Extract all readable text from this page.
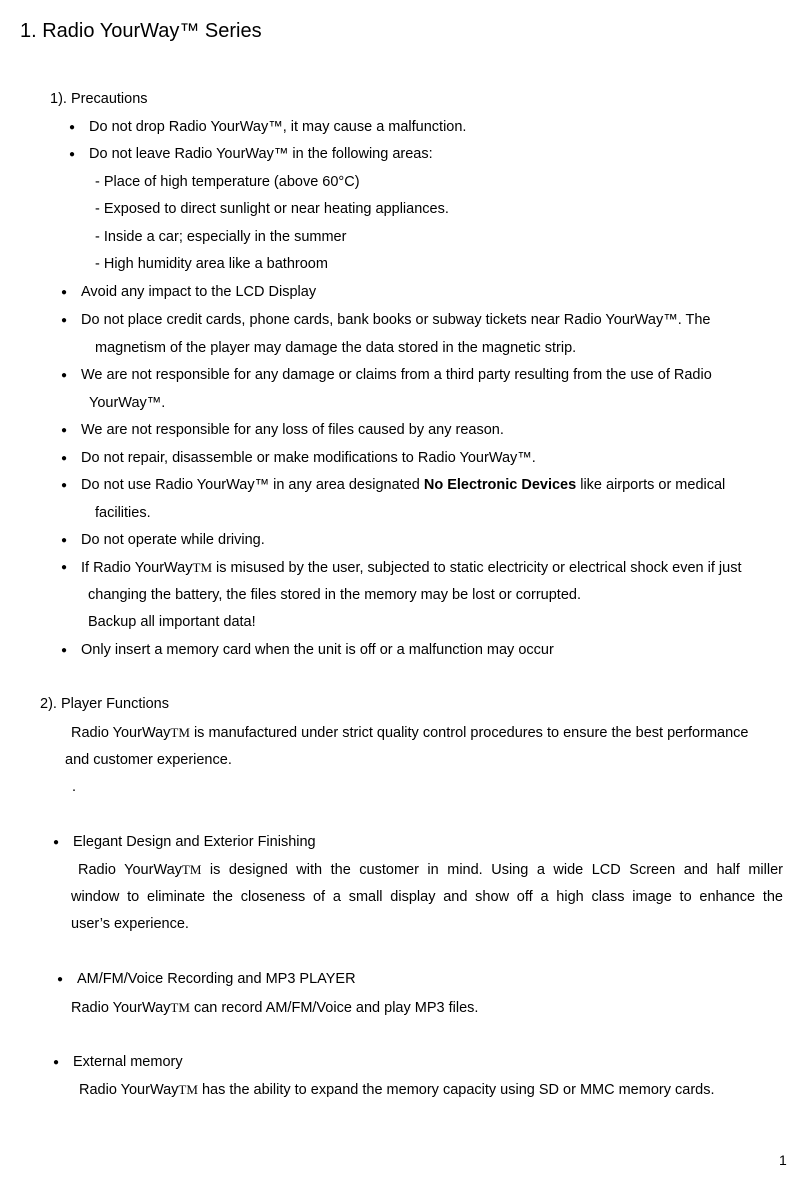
1. Radio YourWay™ Series
1). Precautions
● Do not drop Radio YourWay™, it may cause a malfunction.
● Do not leave Radio YourWay™ in the following areas:
- Place of high temperature (above 60°C)
- Exposed to direct sunlight or near heating appliances.
- Inside a car; especially in the summer
- High humidity area like a bathroom
● Avoid any impact to the LCD Display
● Do not place credit cards, phone cards, bank books or subway tickets near Radio YourWay™. The
magnetism of the player may damage the data stored in the magnetic strip.
● We are not responsible for any damage or claims from a third party resulting from the use of Radio
YourWay™.
● We are not responsible for any loss of files caused by any reason.
● Do not repair, disassemble or make modifications to Radio YourWay™.
● Do not use Radio YourWay™ in any area designated No Electronic Devices like airports or medical
facilities.
● Do not operate while driving.
● If Radio YourWayTM is misused by the user, subjected to static electricity or electrical shock even if just
changing the battery, the files stored in the memory may be lost or corrupted.
Backup all important data!
● Only insert a memory card when the unit is off or a malfunction may occur
2). Player Functions
Radio YourWayTM is manufactured under strict quality control procedures to ensure the best performance
and customer experience.
.
● Elegant Design and Exterior Finishing
Radio YourWayTM is designed with the customer in mind. Using a wide LCD Screen and half miller
window to eliminate the closeness of a small display and show off a high class image to enhance the
user’s experience.
● AM/FM/Voice Recording and MP3 PLAYER
Radio YourWayTM can record AM/FM/Voice and play MP3 files.
● External memory
Radio YourWayTM has the ability to expand the memory capacity using SD or MMC memory cards.
1
